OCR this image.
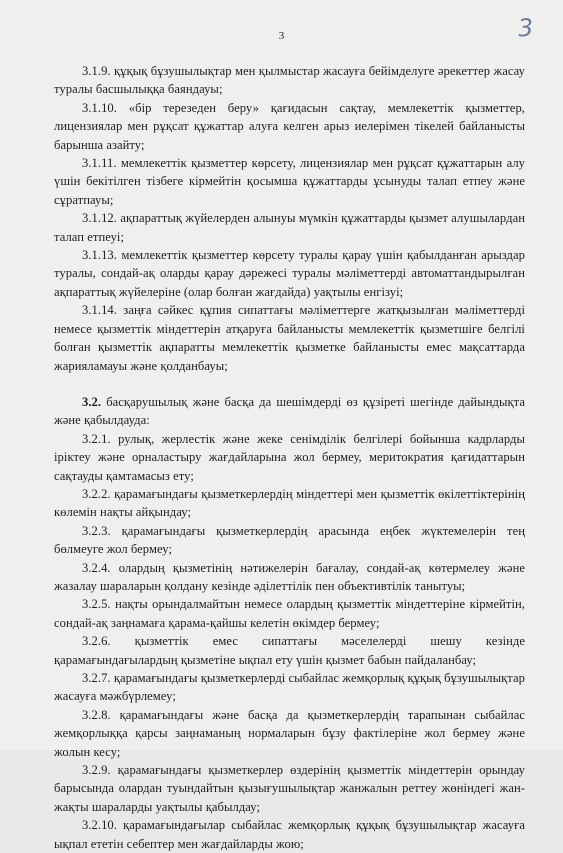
3	3

3.1.9. құқық бұзушылықтар мен қылмыстар жасауға бейімделуге әрекеттер жасау туралы басшылыққа баяндауы;

3.1.10. «бір терезеден беру» қағидасын сақтау, мемлекеттік қызметтер, лицензиялар мен рұқсат құжаттар алуға келген арыз иелерімен тікелей байланысты барынша азайту;

3.1.11. мемлекеттік қызметтер көрсету, лицензиялар мен рұқсат құжаттарын алу үшін бекітілген тізбеге кірмейтін қосымша құжаттарды ұсынуды талап етпеу және сұратпауы;

3.1.12. ақпараттық жүйелерден алынуы мүмкін құжаттарды қызмет алушылардан талап етпеуі;

3.1.13. мемлекеттік қызметтер көрсету туралы қарау үшін қабылданған арыздар туралы, сондай-ақ оларды қарау дәрежесі туралы мәліметтерді автоматтандырылған ақпараттық жүйелеріне (олар болған жағдайда) уақтылы енгізуі;

3.1.14. заңға сәйкес құпия сипаттағы мәліметтерге жатқызылған мәліметтерді немесе қызметтік міндеттерін атқаруға байланысты мемлекеттік қызметшіге белгілі болған қызметтік ақпаратты мемлекеттік қызметке байланысты емес мақсаттарда жарияламауы және қолданбауы;

3.2. басқарушылық және басқа да шешімдерді өз құзіреті шегінде дайындықта және қабылдауда:

3.2.1. рулық, жерлестік және жеке сенімділік белгілері бойынша кадрларды іріктеу және орналастыру жағдайларына жол бермеу, меритократия қағидаттарын сақтауды қамтамасыз ету;

3.2.2. қарамағындағы қызметкерлердің міндеттері мен қызметтік өкілеттіктерінің көлемін нақты айқындау;

3.2.3. қарамағындағы қызметкерлердің арасында еңбек жүктемелерін тең бөлмеуге жол бермеу;

3.2.4. олардың қызметінің нәтижелерін бағалау, сондай-ақ көтермелеу және жазалау шараларын қолдану кезінде әділеттілік пен объективтілік танытуы;

3.2.5. нақты орындалмайтын немесе олардың қызметтік міндеттеріне кірмейтін, сондай-ақ заңнамаға қарама-қайшы келетін өкімдер бермеу;

3.2.6. қызметтік емес сипаттағы мәселелерді шешу кезінде қарамағындағылардың қызметіне ықпал ету үшін қызмет бабын пайдаланбау;

3.2.7. қарамағындағы қызметкерлерді сыбайлас жемқорлық құқық бұзушылықтар жасауға мәжбүрлемеу;

3.2.8. қарамағындағы және басқа да қызметкерлердің тарапынан сыбайлас жемқорлыққа қарсы заңнаманың нормаларын бұзу фактілеріне жол бермеу және жолын кесу;

3.2.9. қарамағындағы қызметкерлер өздерінің қызметтік міндеттерін орындау барысында олардан туындайтын қызығушылықтар жанжалын реттеу жөніндегі жан-жақты шараларды уақтылы қабылдау;

3.2.10. қарамағындағылар сыбайлас жемқорлық құқық бұзушылықтар жасауға ықпал ететін себептер мен жағдайларды жою;
